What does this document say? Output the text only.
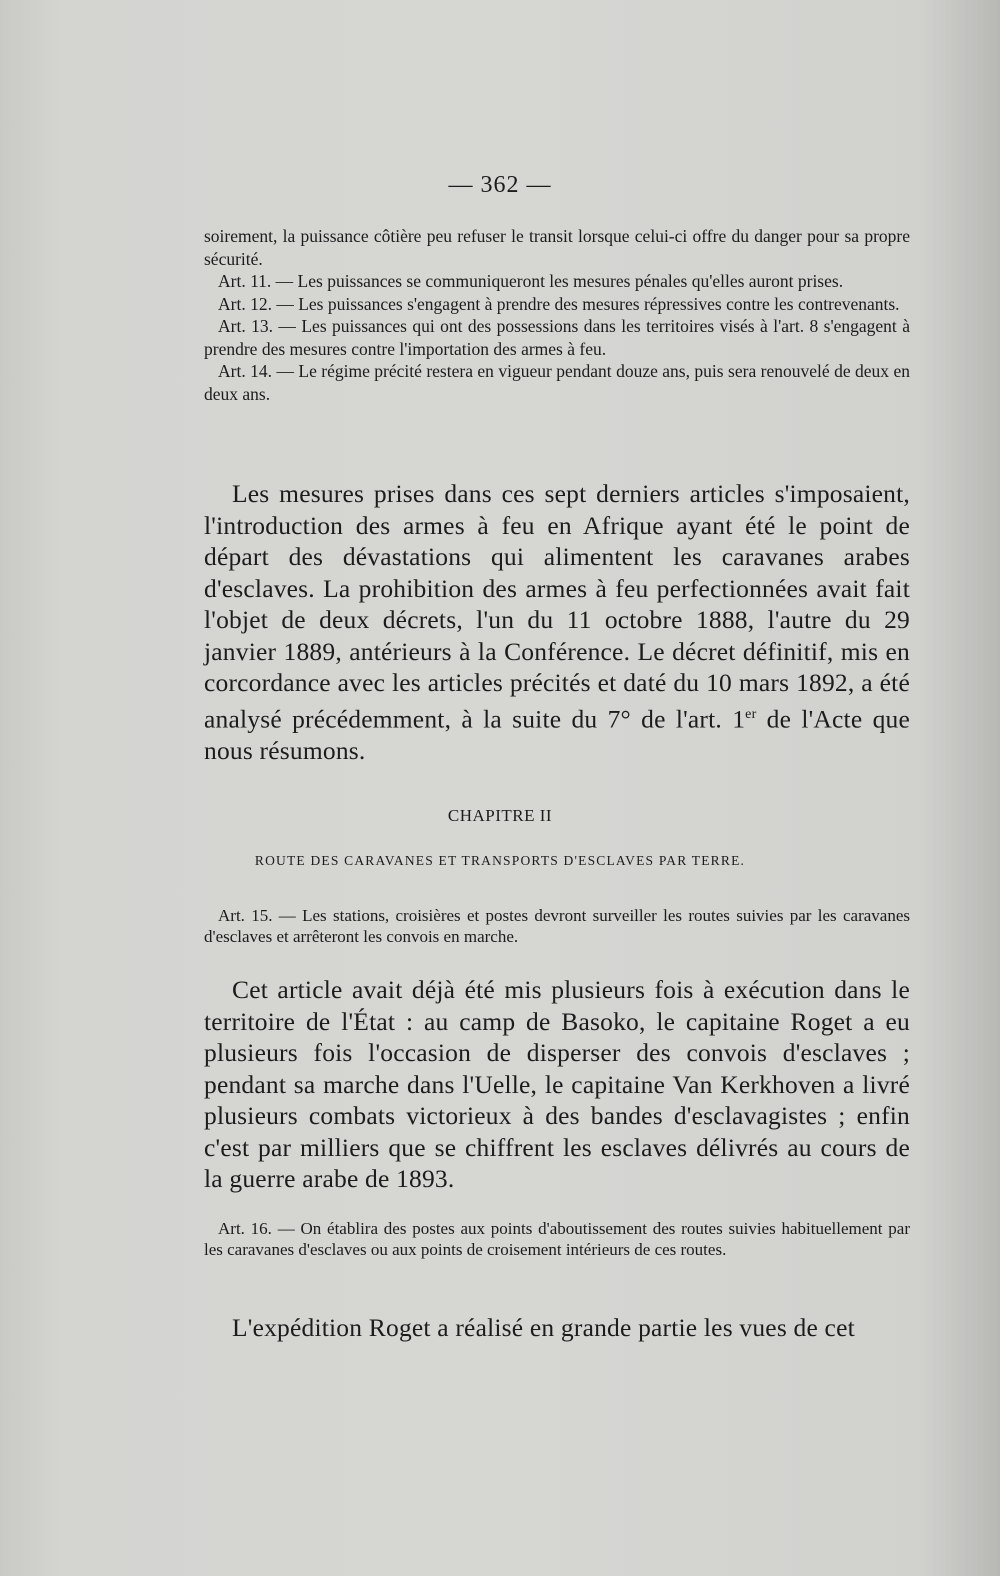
— 362 —

soirement, la puissance côtière peu refuser le transit lorsque celui-ci offre du danger pour sa propre sécurité.

Art. 11. — Les puissances se communiqueront les mesures pénales qu'elles auront prises.

Art. 12. — Les puissances s'engagent à prendre des mesures répressives contre les contrevenants.

Art. 13. — Les puissances qui ont des possessions dans les territoires visés à l'art. 8 s'engagent à prendre des mesures contre l'importation des armes à feu.

Art. 14. — Le régime précité restera en vigueur pendant douze ans, puis sera renouvelé de deux en deux ans.

Les mesures prises dans ces sept derniers articles s'imposaient, l'introduction des armes à feu en Afrique ayant été le point de départ des dévastations qui alimentent les caravanes arabes d'esclaves. La prohibition des armes à feu perfectionnées avait fait l'objet de deux décrets, l'un du 11 octobre 1888, l'autre du 29 janvier 1889, antérieurs à la Conférence. Le décret définitif, mis en corcordance avec les articles précités et daté du 10 mars 1892, a été analysé précédemment, à la suite du 7° de l'art. 1er de l'Acte que nous résumons.

CHAPITRE II
ROUTE DES CARAVANES ET TRANSPORTS D'ESCLAVES PAR TERRE.

Art. 15. — Les stations, croisières et postes devront surveiller les routes suivies par les caravanes d'esclaves et arrêteront les convois en marche.

Cet article avait déjà été mis plusieurs fois à exécution dans le territoire de l'État : au camp de Basoko, le capitaine Roget a eu plusieurs fois l'occasion de disperser des convois d'esclaves ; pendant sa marche dans l'Uelle, le capitaine Van Kerkhoven a livré plusieurs combats victorieux à des bandes d'esclavagistes ; enfin c'est par milliers que se chiffrent les esclaves délivrés au cours de la guerre arabe de 1893.

Art. 16. — On établira des postes aux points d'aboutissement des routes suivies habituellement par les caravanes d'esclaves ou aux points de croisement intérieurs de ces routes.

L'expédition Roget a réalisé en grande partie les vues de cet
